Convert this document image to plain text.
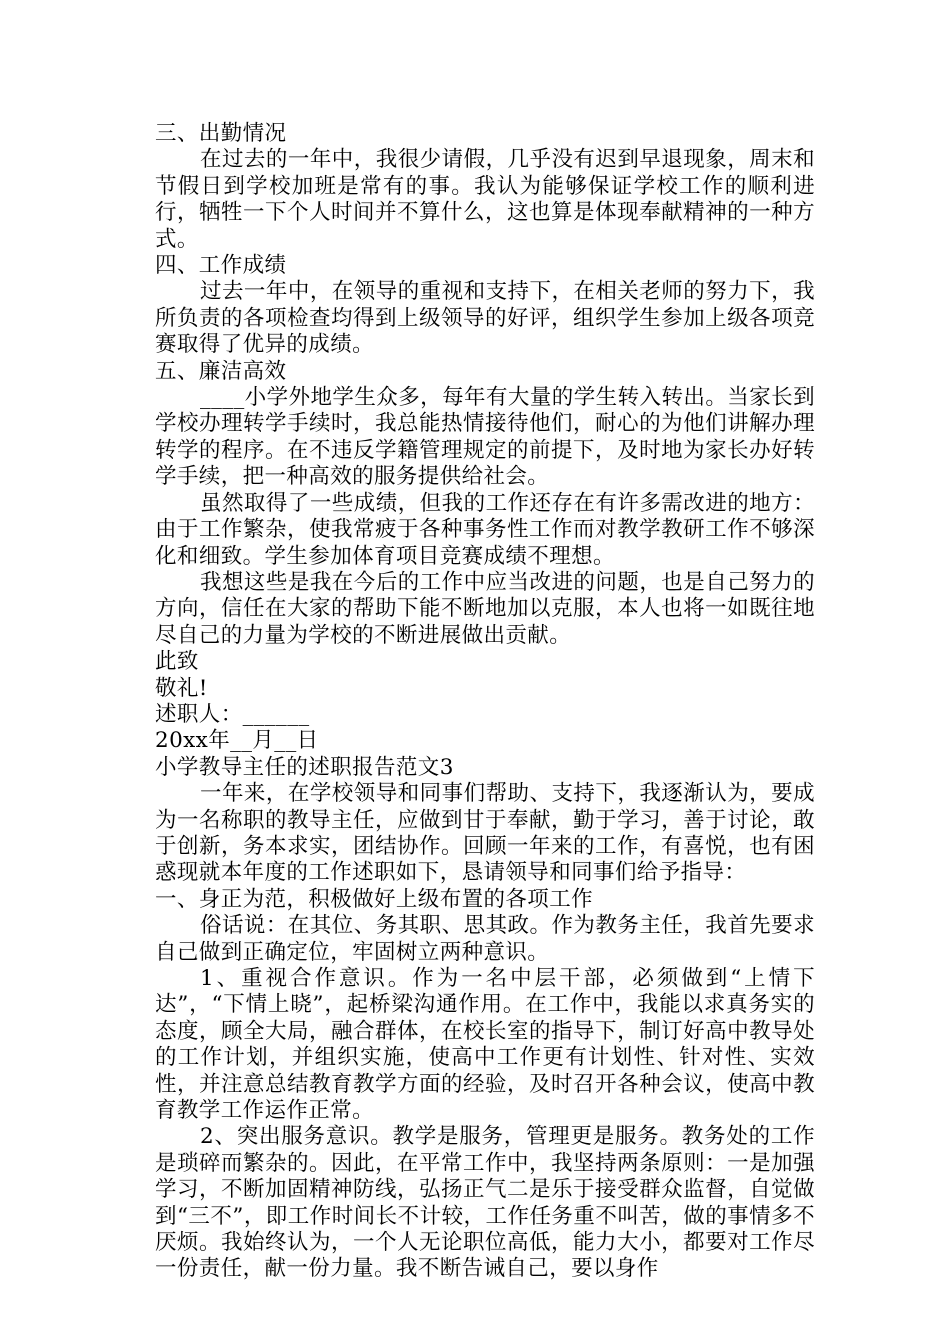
三、出勤情况

在过去的一年中，我很少请假，几乎没有迟到早退现象，周末和节假日到学校加班是常有的事。我认为能够保证学校工作的顺利进行，牺牲一下个人时间并不算什么，这也算是体现奉献精神的一种方式。

四、工作成绩

过去一年中，在领导的重视和支持下，在相关老师的努力下，我所负责的各项检查均得到上级领导的好评，组织学生参加上级各项竞赛取得了优异的成绩。

五、廉洁高效

____小学外地学生众多，每年有大量的学生转入转出。当家长到学校办理转学手续时，我总能热情接待他们，耐心的为他们讲解办理转学的程序。在不违反学籍管理规定的前提下，及时地为家长办好转学手续，把一种高效的服务提供给社会。

虽然取得了一些成绩，但我的工作还存在有许多需改进的地方：由于工作繁杂，使我常疲于各种事务性工作而对教学教研工作不够深化和细致。学生参加体育项目竞赛成绩不理想。

我想这些是我在今后的工作中应当改进的问题，也是自己努力的方向，信任在大家的帮助下能不断地加以克服，本人也将一如既往地尽自己的力量为学校的不断进展做出贡献。

此致

敬礼!

述职人：______

20xx年__月__日

小学教导主任的述职报告范文3

一年来，在学校领导和同事们帮助、支持下，我逐渐认为，要成为一名称职的教导主任，应做到甘于奉献，勤于学习，善于讨论，敢于创新，务本求实，团结协作。回顾一年来的工作，有喜悦，也有困惑现就本年度的工作述职如下，恳请领导和同事们给予指导：

一、身正为范，积极做好上级布置的各项工作

俗话说：在其位、务其职、思其政。作为教务主任，我首先要求自己做到正确定位，牢固树立两种意识。

1、重视合作意识。作为一名中层干部，必须做到“上情下达”，“下情上晓”，起桥梁沟通作用。在工作中，我能以求真务实的态度，顾全大局，融合群体，在校长室的指导下，制订好高中教导处的工作计划，并组织实施，使高中工作更有计划性、针对性、实效性，并注意总结教育教学方面的经验，及时召开各种会议，使高中教育教学工作运作正常。

2、突出服务意识。教学是服务，管理更是服务。教务处的工作是琐碎而繁杂的。因此，在平常工作中，我坚持两条原则：一是加强学习，不断加固精神防线，弘扬正气二是乐于接受群众监督，自觉做到“三不”，即工作时间长不计较，工作任务重不叫苦，做的事情多不厌烦。我始终认为，一个人无论职位高低，能力大小，都要对工作尽一份责任，献一份力量。我不断告诫自己，要以身作
